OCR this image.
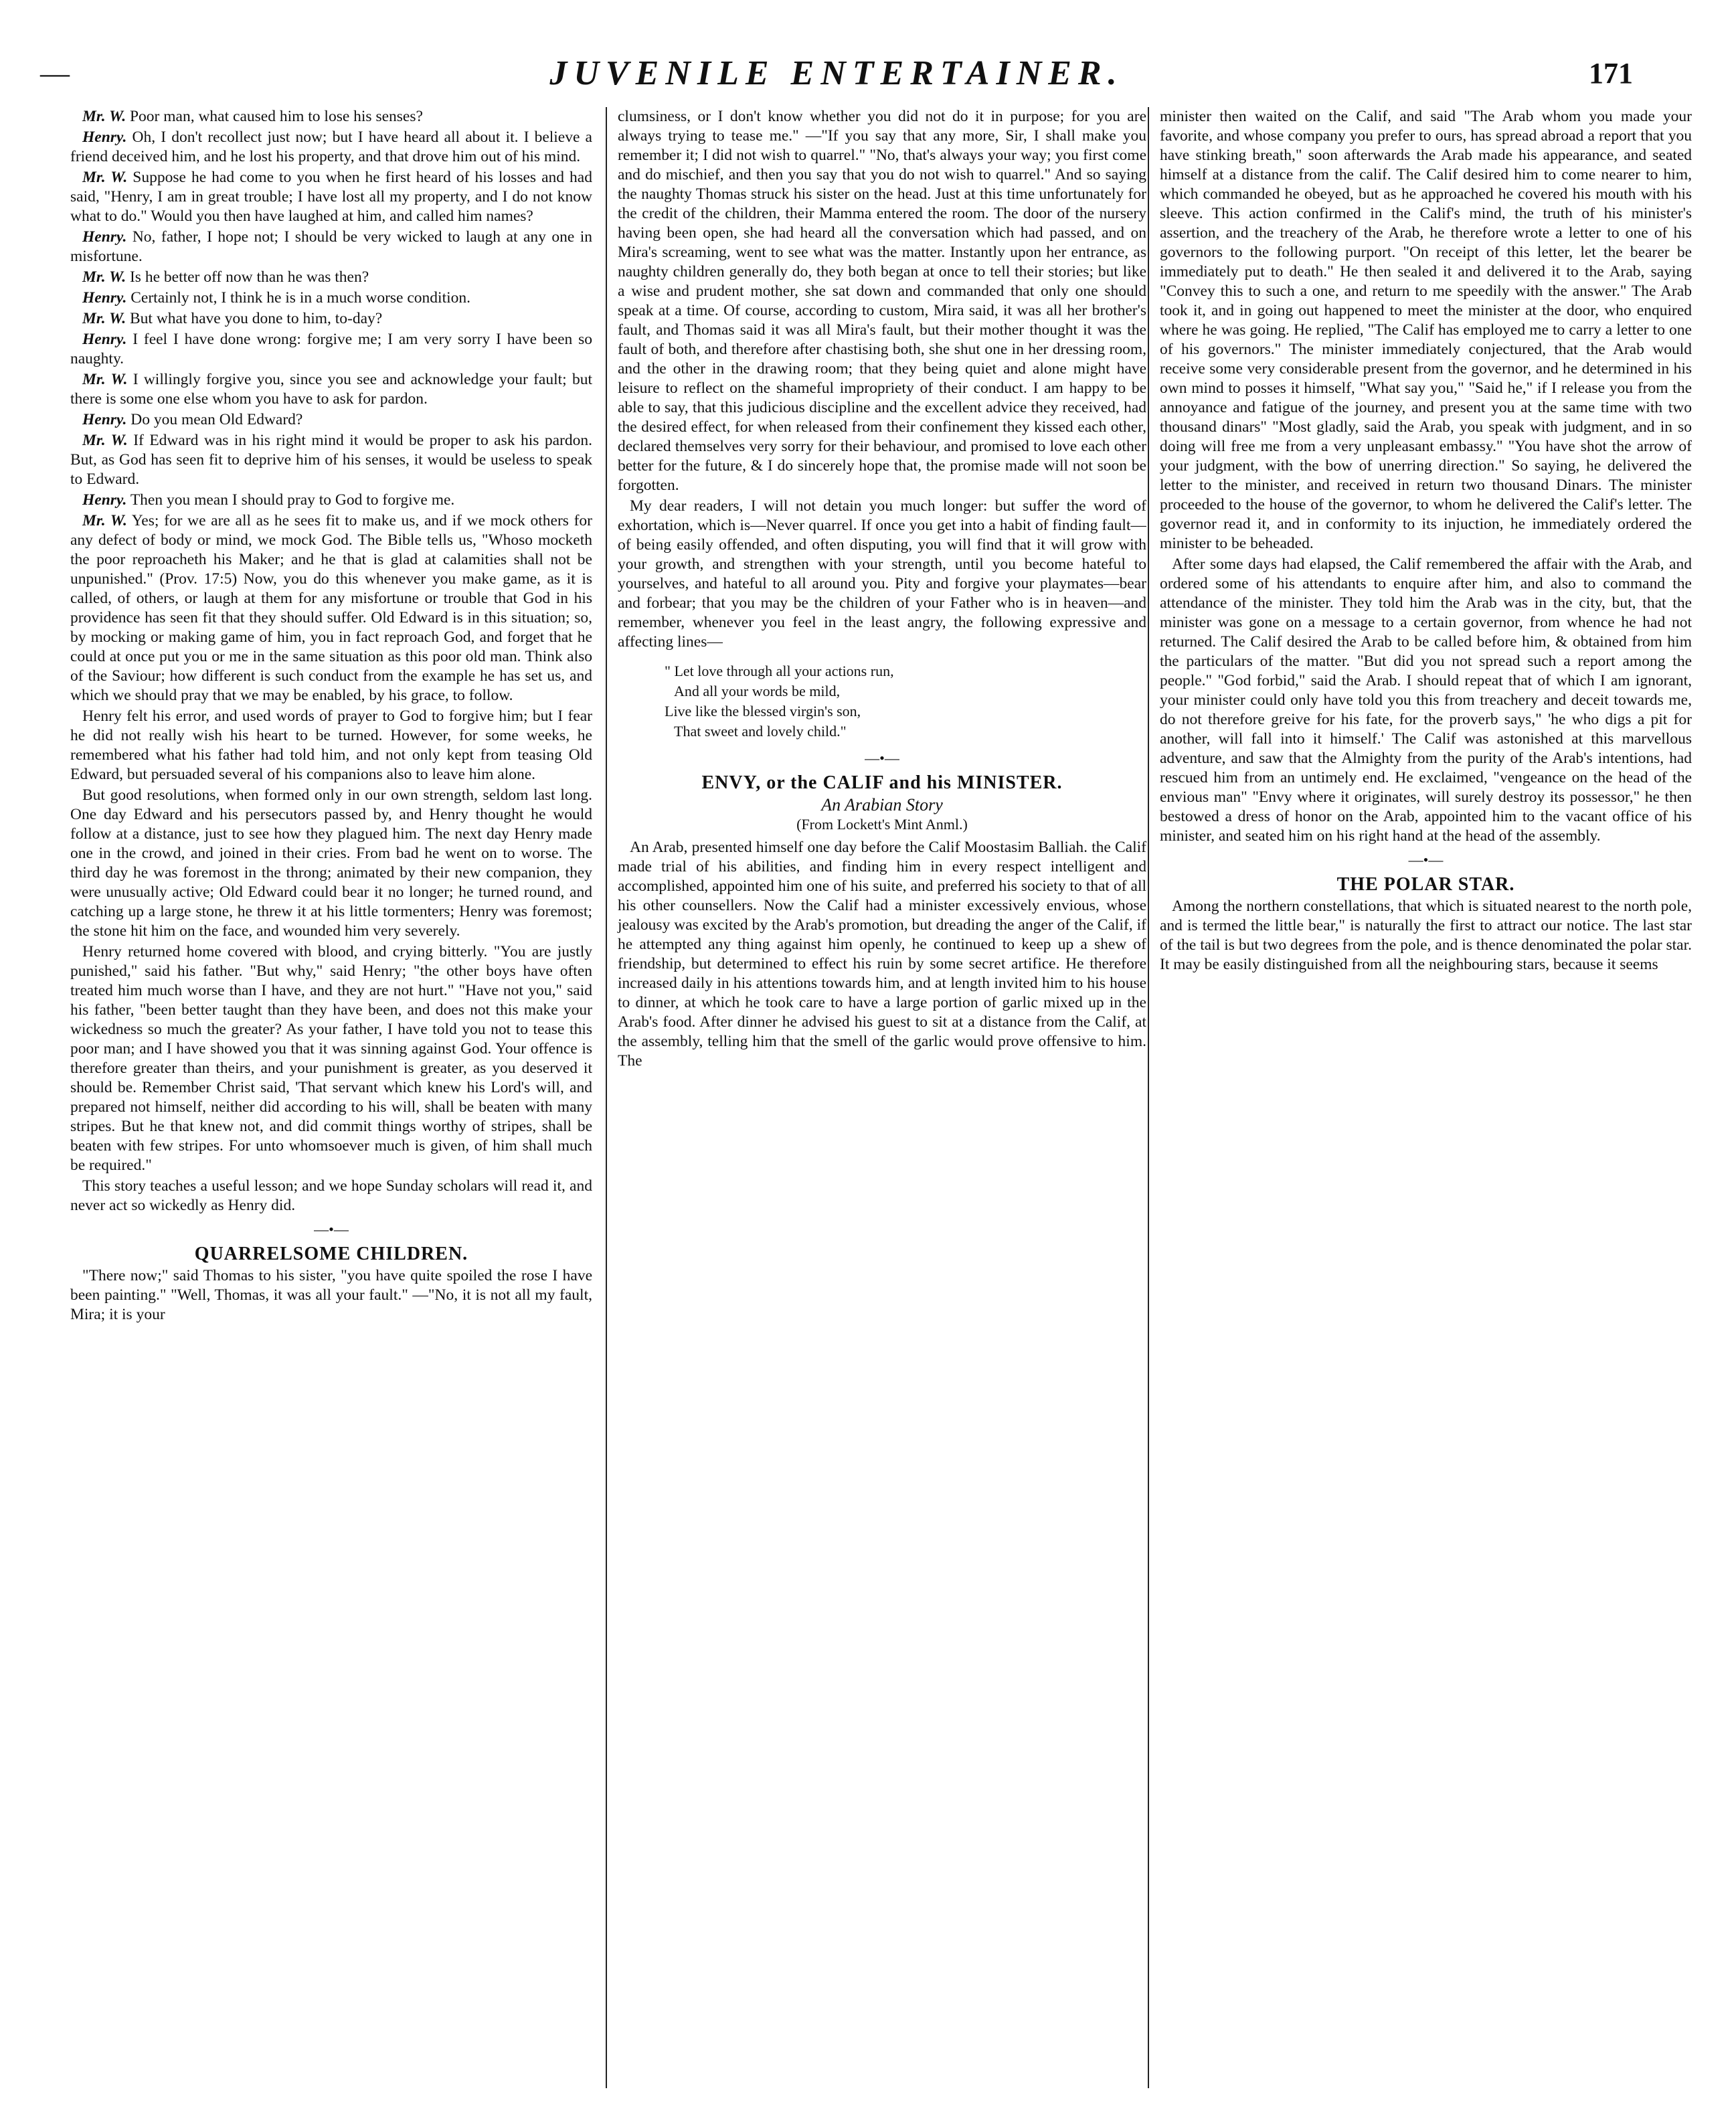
—	JUVENILE ENTERTAINER.	171

Mr. W. Poor man, what caused him to lose his senses?

Henry. Oh, I don't recollect just now; but I have heard all about it. I believe a friend deceived him, and he lost his property, and that drove him out of his mind.

Mr. W. Suppose he had come to you when he first heard of his losses and had said, "Henry, I am in great trouble; I have lost all my property, and I do not know what to do." Would you then have laughed at him, and called him names?

Henry. No, father, I hope not; I should be very wicked to laugh at any one in misfortune.

Mr. W. Is he better off now than he was then?

Henry. Certainly not, I think he is in a much worse condition.

Mr. W. But what have you done to him, to-day?

Henry. I feel I have done wrong: forgive me; I am very sorry I have been so naughty.

Mr. W. I willingly forgive you, since you see and acknowledge your fault; but there is some one else whom you have to ask for pardon.

Henry. Do you mean Old Edward?

Mr. W. If Edward was in his right mind it would be proper to ask his pardon. But, as God has seen fit to deprive him of his senses, it would be useless to speak to Edward.

Henry. Then you mean I should pray to God to forgive me.

Mr. W. Yes; for we are all as he sees fit to make us, and if we mock others for any defect of body or mind, we mock God. The Bible tells us, "Whoso mocketh the poor reproacheth his Maker; and he that is glad at calamities shall not be unpunished." (Prov. 17:5) Now, you do this whenever you make game, as it is called, of others, or laugh at them for any misfortune or trouble that God in his providence has seen fit that they should suffer. Old Edward is in this situation; so, by mocking or making game of him, you in fact reproach God, and forget that he could at once put you or me in the same situation as this poor old man. Think also of the Saviour; how different is such conduct from the example he has set us, and which we should pray that we may be enabled, by his grace, to follow.

Henry felt his error, and used words of prayer to God to forgive him; but I fear he did not really wish his heart to be turned. However, for some weeks, he remembered what his father had told him, and not only kept from teasing Old Edward, but persuaded several of his companions also to leave him alone.

But good resolutions, when formed only in our own strength, seldom last long. One day Edward and his persecutors passed by, and Henry thought he would follow at a distance, just to see how they plagued him. The next day Henry made one in the crowd, and joined in their cries. From bad he went on to worse. The third day he was foremost in the throng; animated by their new companion, they were unusually active; Old Edward could bear it no longer; he turned round, and catching up a large stone, he threw it at his little tormenters; Henry was foremost; the stone hit him on the face, and wounded him very severely.

Henry returned home covered with blood, and crying bitterly. "You are justly punished," said his father. "But why," said Henry; "the other boys have often treated him much worse than I have, and they are not hurt." "Have not you," said his father, "been better taught than they have been, and does not this make your wickedness so much the greater? As your father, I have told you not to tease this poor man; and I have showed you that it was sinning against God. Your offence is therefore greater than theirs, and your punishment is greater, as you deserved it should be. Remember Christ said, 'That servant which knew his Lord's will, and prepared not himself, neither did according to his will, shall be beaten with many stripes. But he that knew not, and did commit things worthy of stripes, shall be beaten with few stripes. For unto whomsoever much is given, of him shall much be required."

This story teaches a useful lesson; and we hope Sunday scholars will read it, and never act so wickedly as Henry did.

—•—
QUARRELSOME CHILDREN.

"There now;" said Thomas to his sister, "you have quite spoiled the rose I have been painting." "Well, Thomas, it was all your fault." —"No, it is not all my fault, Mira; it is your

clumsiness, or I don't know whether you did not do it in purpose; for you are always trying to tease me." —"If you say that any more, Sir, I shall make you remember it; I did not wish to quarrel." "No, that's always your way; you first come and do mischief, and then you say that you do not wish to quarrel." And so saying the naughty Thomas struck his sister on the head. Just at this time unfortunately for the credit of the children, their Mamma entered the room. The door of the nursery having been open, she had heard all the conversation which had passed, and on Mira's screaming, went to see what was the matter. Instantly upon her entrance, as naughty children generally do, they both began at once to tell their stories; but like a wise and prudent mother, she sat down and commanded that only one should speak at a time. Of course, according to custom, Mira said, it was all her brother's fault, and Thomas said it was all Mira's fault, but their mother thought it was the fault of both, and therefore after chastising both, she shut one in her dressing room, and the other in the drawing room; that they being quiet and alone might have leisure to reflect on the shameful impropriety of their conduct. I am happy to be able to say, that this judicious discipline and the excellent advice they received, had the desired effect, for when released from their confinement they kissed each other, declared themselves very sorry for their behaviour, and promised to love each other better for the future, & I do sincerely hope that, the promise made will not soon be forgotten.

My dear readers, I will not detain you much longer: but suffer the word of exhortation, which is—Never quarrel. If once you get into a habit of finding fault—of being easily offended, and often disputing, you will find that it will grow with your growth, and strengthen with your strength, until you become hateful to yourselves, and hateful to all around you. Pity and forgive your playmates—bear and forbear; that you may be the children of your Father who is in heaven—and remember, whenever you feel in the least angry, the following expressive and affecting lines—

" Let love through all your actions run,
And all your words be mild,
Live like the blessed virgin's son,
That sweet and lovely child."
—•—
ENVY, or the CALIF and his MINISTER.
An Arabian Story
(From Lockett's Mint Anml.)

An Arab, presented himself one day before the Calif Moostasim Balliah. the Calif made trial of his abilities, and finding him in every respect intelligent and accomplished, appointed him one of his suite, and preferred his society to that of all his other counsellers. Now the Calif had a minister excessively envious, whose jealousy was excited by the Arab's promotion, but dreading the anger of the Calif, if he attempted any thing against him openly, he continued to keep up a shew of friendship, but determined to effect his ruin by some secret artifice. He therefore increased daily in his attentions towards him, and at length invited him to his house to dinner, at which he took care to have a large portion of garlic mixed up in the Arab's food. After dinner he advised his guest to sit at a distance from the Calif, at the assembly, telling him that the smell of the garlic would prove offensive to him. The

minister then waited on the Calif, and said "The Arab whom you made your favorite, and whose company you prefer to ours, has spread abroad a report that you have stinking breath," soon afterwards the Arab made his appearance, and seated himself at a distance from the calif. The Calif desired him to come nearer to him, which commanded he obeyed, but as he approached he covered his mouth with his sleeve. This action confirmed in the Calif's mind, the truth of his minister's assertion, and the treachery of the Arab, he therefore wrote a letter to one of his governors to the following purport. "On receipt of this letter, let the bearer be immediately put to death." He then sealed it and delivered it to the Arab, saying "Convey this to such a one, and return to me speedily with the answer." The Arab took it, and in going out happened to meet the minister at the door, who enquired where he was going. He replied, "The Calif has employed me to carry a letter to one of his governors." The minister immediately conjectured, that the Arab would receive some very considerable present from the governor, and he determined in his own mind to posses it himself, "What say you," "Said he," if I release you from the annoyance and fatigue of the journey, and present you at the same time with two thousand dinars" "Most gladly, said the Arab, you speak with judgment, and in so doing will free me from a very unpleasant embassy." "You have shot the arrow of your judgment, with the bow of unerring direction." So saying, he delivered the letter to the minister, and received in return two thousand Dinars. The minister proceeded to the house of the governor, to whom he delivered the Calif's letter. The governor read it, and in conformity to its injuction, he immediately ordered the minister to be beheaded.

After some days had elapsed, the Calif remembered the affair with the Arab, and ordered some of his attendants to enquire after him, and also to command the attendance of the minister. They told him the Arab was in the city, but, that the minister was gone on a message to a certain governor, from whence he had not returned. The Calif desired the Arab to be called before him, & obtained from him the particulars of the matter. "But did you not spread such a report among the people." "God forbid," said the Arab. I should repeat that of which I am ignorant, your minister could only have told you this from treachery and deceit towards me, do not therefore greive for his fate, for the proverb says," 'he who digs a pit for another, will fall into it himself.' The Calif was astonished at this marvellous adventure, and saw that the Almighty from the purity of the Arab's intentions, had rescued him from an untimely end. He exclaimed, "vengeance on the head of the envious man" "Envy where it originates, will surely destroy its possessor," he then bestowed a dress of honor on the Arab, appointed him to the vacant office of his minister, and seated him on his right hand at the head of the assembly.

—•—
THE POLAR STAR.

Among the northern constellations, that which is situated nearest to the north pole, and is termed the little bear," is naturally the first to attract our notice. The last star of the tail is but two degrees from the pole, and is thence denominated the polar star. It may be easily distinguished from all the neighbouring stars, because it seems
